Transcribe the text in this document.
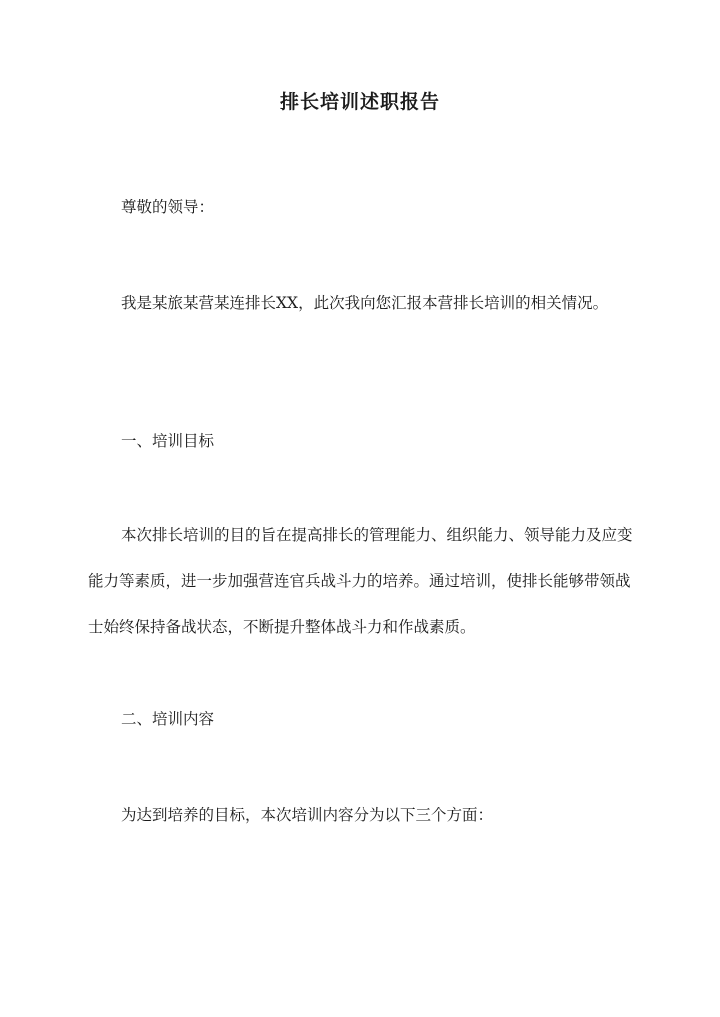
排长培训述职报告
尊敬的领导：
我是某旅某营某连排长XX，此次我向您汇报本营排长培训的相关情况。
一、培训目标
本次排长培训的目的旨在提高排长的管理能力、组织能力、领导能力及应变能力等素质，进一步加强营连官兵战斗力的培养。通过培训，使排长能够带领战士始终保持备战状态，不断提升整体战斗力和作战素质。
二、培训内容
为达到培养的目标，本次培训内容分为以下三个方面：
